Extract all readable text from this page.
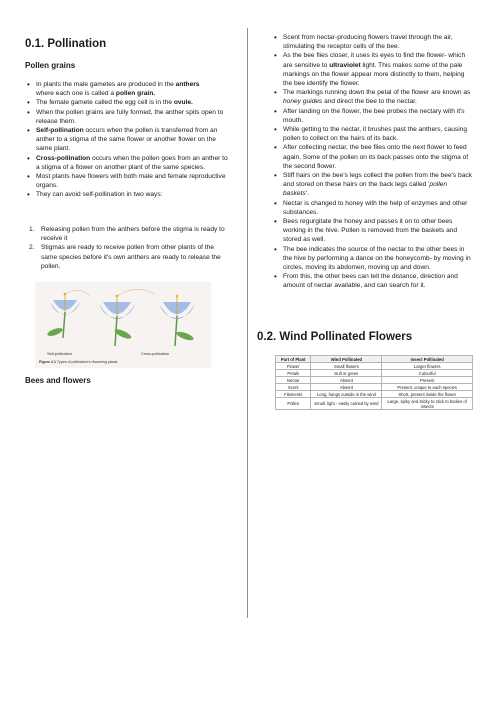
0.1. Pollination
Pollen grains
• In plants the male gametes are produced in the anthers
where each one is called a pollen grain.
• The female gamete called the egg cell is in the ovule.
• When the pollen grains are fully formed, the anther spits open to release them.
• Self-pollination occurs when the pollen is transferred from an anther to a stigma of the same flower or another flower on the same plant.
• Cross-pollination occurs when the pollen goes from an anther to a stigma of a flower on another plant of the same species.
• Most plants have flowers with both male and female reproductive organs.
• They can avoid self-pollination in two ways:
1. Releasing pollen from the anthers before the stigma is ready to receive it
2. Stigmas are ready to receive pollen from other plants of the same species before it's own anthers are ready to release the pollen.
Self-pollination	Cross-pollination
Figure 2.1 Types of pollination in flowering plants
Bees and flowers
• Scent from nectar-producing flowers travel through the air, stimulating the receptor cells of the bee.
• As the bee flies closer, it uses its eyes to find the flower- which are sensitive to ultraviolet light. This makes some of the pale markings on the flower appear more distinctly to them, helping the bee identify the flower.
• The markings running down the petal of the flower are known as honey guides and direct the bee to the nectar.
• After landing on the flower, the bee probes the nectary with it's mouth.
• While getting to the nectar, it brushes past the anthers, causing pollen to collect on the hairs of its back.
• After collecting nectar, the bee flies onto the next flower to feed again. Some of the pollen on its back passes onto the stigma of the second flower.
• Stiff hairs on the bee's legs collect the pollen from the bee's back and stored on these hairs on the back legs called 'pollen baskets'.
• Nectar is changed to honey with the help of enzymes and other substances.
• Bees regurgitate the honey and passes it on to other bees working in the hive. Pollen is removed from the baskets and stored as well.
• The bee indicates the source of the nectar to the other bees in the hive by performing a dance on the honeycomb- by moving in circles, moving its abdomen, moving up and down.
• From this, the other bees can tell the distance, direction and amount of nectar available, and can search for it.
0.2. Wind Pollinated Flowers
Part of Plant	Wind Pollinated	Insect Pollinated
Flower	Small flowers	Larger flowers
Petals	Dull or green	Colourful
Nectar	Absent	Present
Scent	Absent	Present, unique to each species
Filaments	Long, hangs outside in the wind	Short, present inside the flower
Pollen	Small, light - easily carried by wind	Large, spiky and sticky to stick to bodies of insects
